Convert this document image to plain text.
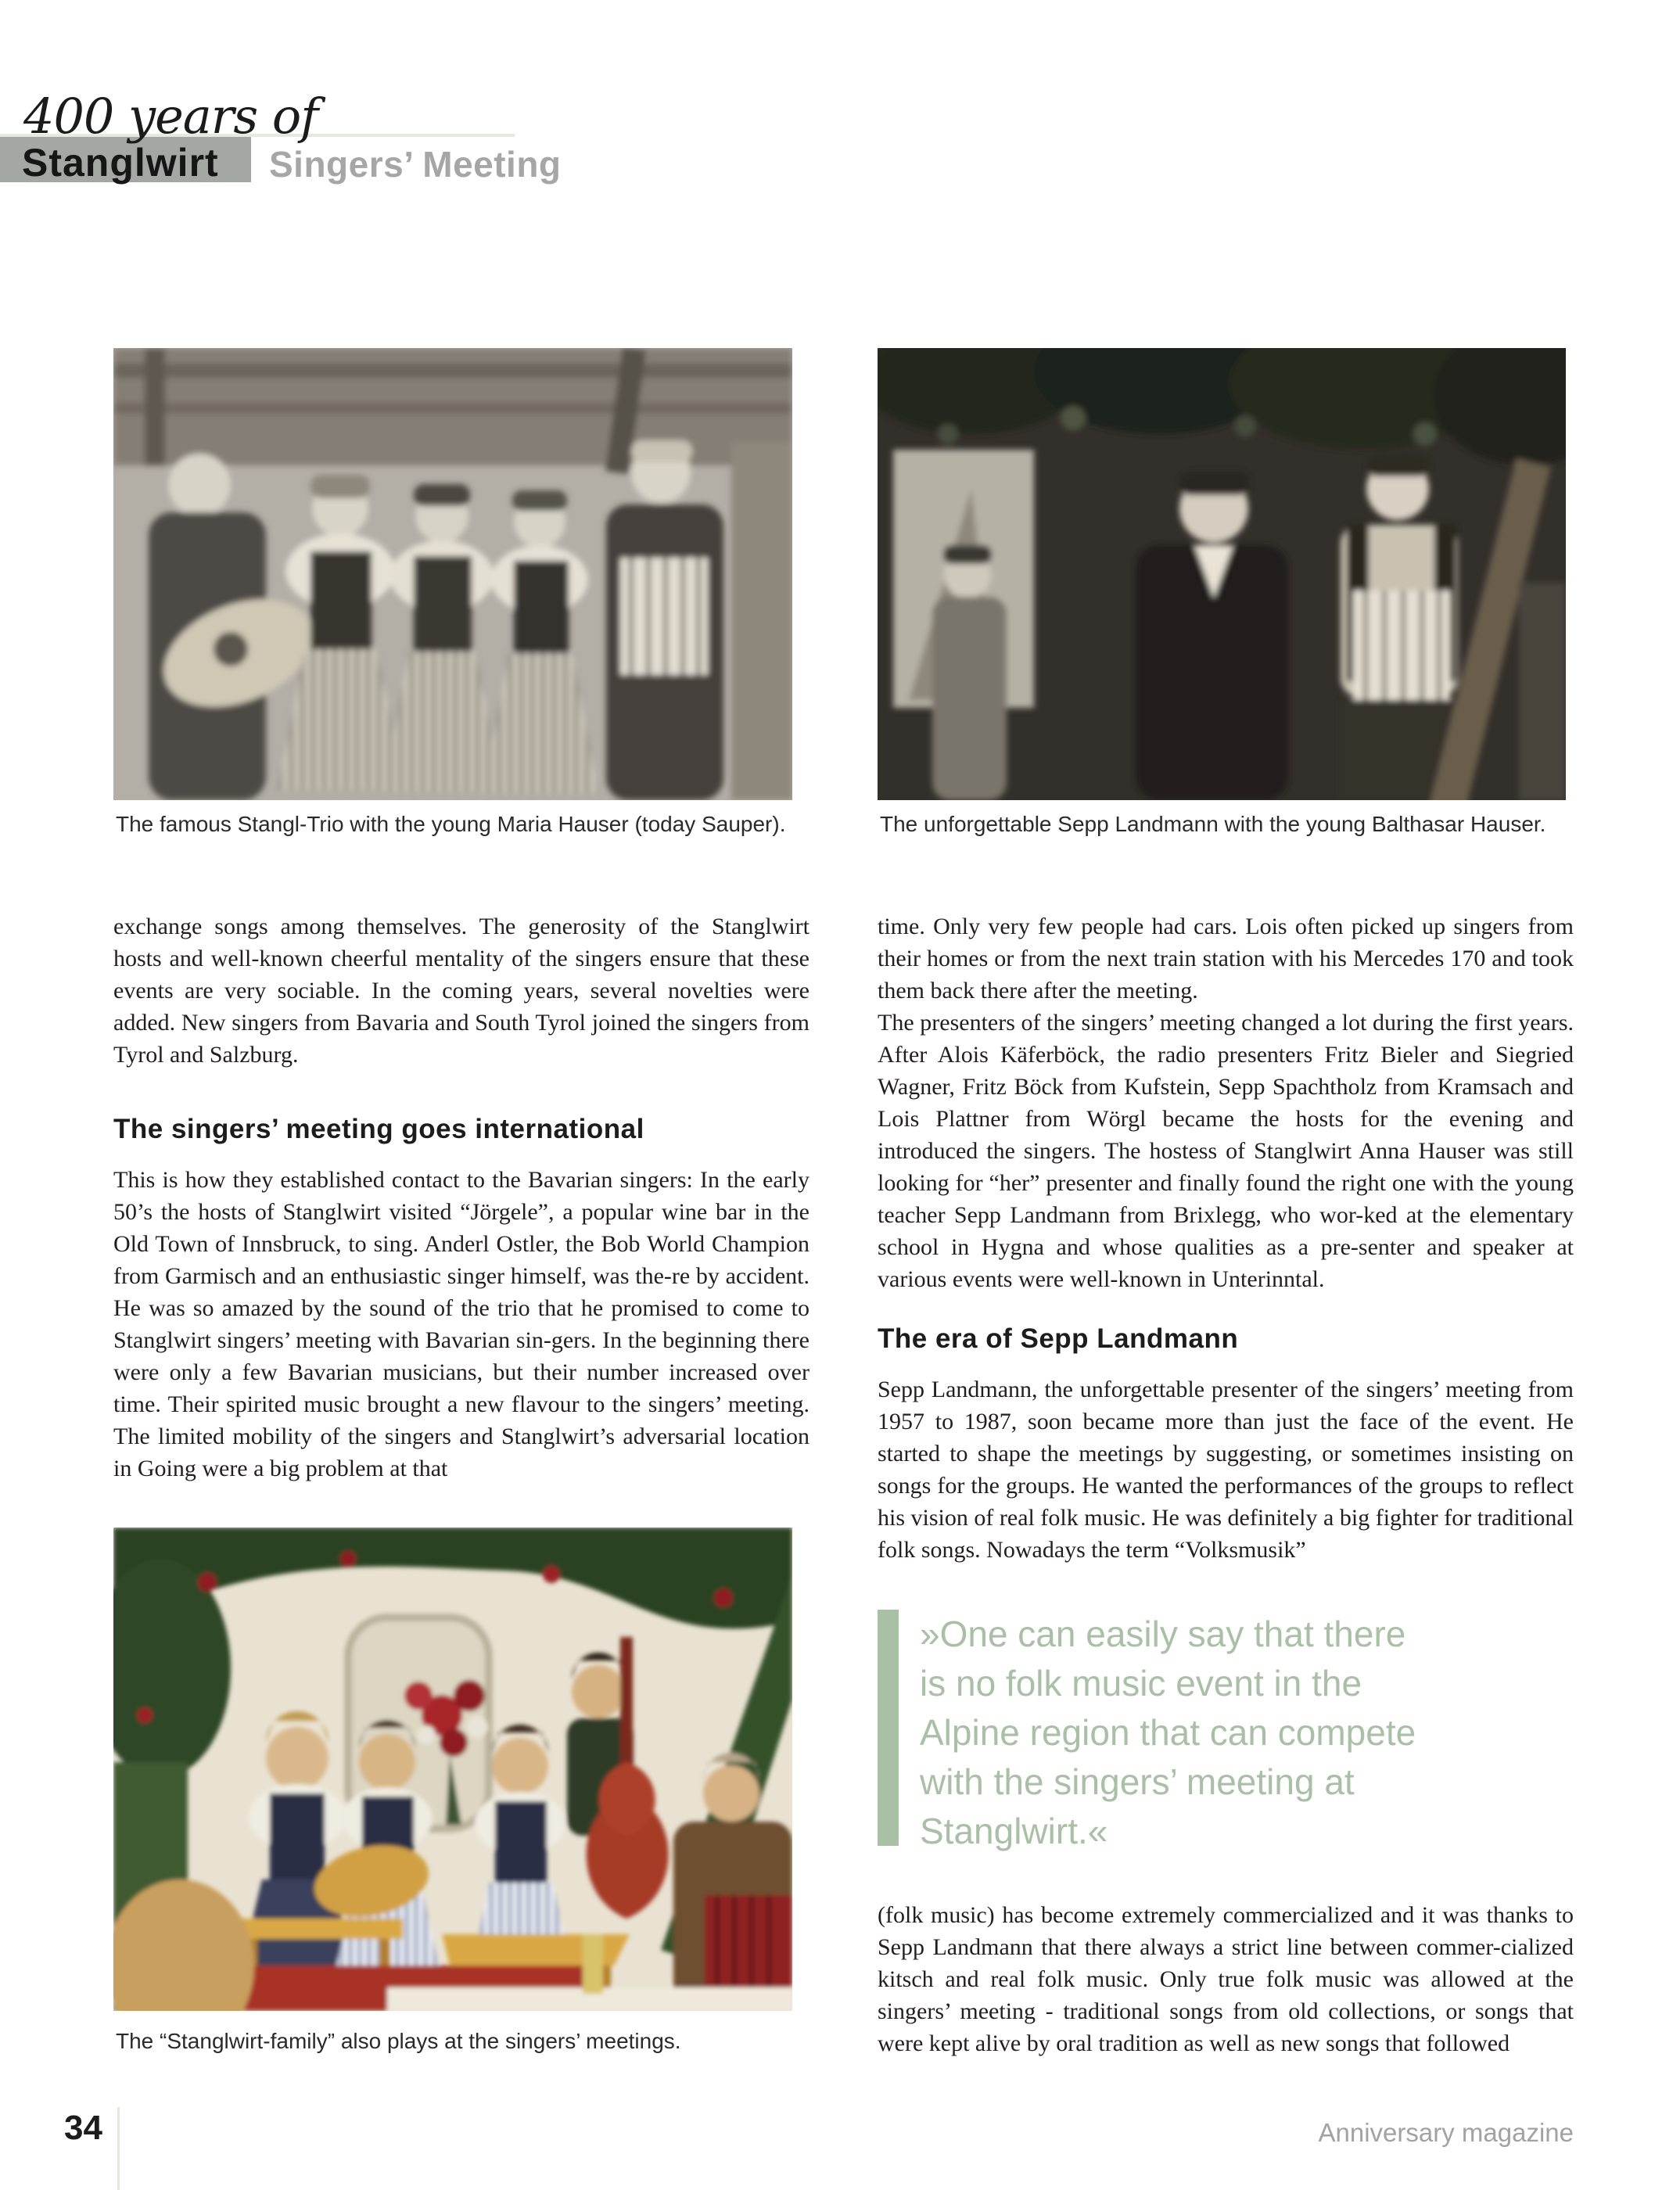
400 years of
Stanglwirt Singers’ Meeting
The famous Stangl-Trio with the young Maria Hauser (today Sauper).	The unforgettable Sepp Landmann with the young Balthasar Hauser.

exchange songs among themselves. The generosity of the Stanglwirt hosts and well-known cheerful mentality of the singers ensure that these events are very sociable. In the coming years, several novelties were added. New singers from Bavaria and South Tyrol joined the singers from Tyrol and Salzburg.

The singers’ meeting goes international

This is how they established contact to the Bavarian singers: In the early 50’s the hosts of Stanglwirt visited “Jörgele”, a popular wine bar in the Old Town of Innsbruck, to sing. Anderl Ostler, the Bob World Champion from Garmisch and an enthusiastic singer himself, was the-re by accident. He was so amazed by the sound of the trio that he promised to come to Stanglwirt singers’ meeting with Bavarian sin-gers. In the beginning there were only a few Bavarian musicians, but their number increased over time. Their spirited music brought a new flavour to the singers’ meeting. The limited mobility of the singers and Stanglwirt’s adversarial location in Going were a big problem at that

time. Only very few people had cars. Lois often picked up singers from their homes or from the next train station with his Mercedes 170 and took them back there after the meeting.

The presenters of the singers’ meeting changed a lot during the first years. After Alois Käferböck, the radio presenters Fritz Bieler and Siegried Wagner, Fritz Böck from Kufstein, Sepp Spachtholz from Kramsach and Lois Plattner from Wörgl became the hosts for the evening and introduced the singers. The hostess of Stanglwirt Anna Hauser was still looking for “her” presenter and finally found the right one with the young teacher Sepp Landmann from Brixlegg, who wor-ked at the elementary school in Hygna and whose qualities as a pre-senter and speaker at various events were well-known in Unterinntal.

The era of Sepp Landmann

Sepp Landmann, the unforgettable presenter of the singers’ meeting from 1957 to 1987, soon became more than just the face of the event. He started to shape the meetings by suggesting, or sometimes insisting on songs for the groups. He wanted the performances of the groups to reflect his vision of real folk music. He was definitely a big fighter for traditional folk songs. Nowadays the term “Volksmusik”

»One can easily say that there is no folk music event in the Alpine region that can compete with the singers’ meeting at Stanglwirt.«

(folk music) has become extremely commercialized and it was thanks to Sepp Landmann that there always a strict line between commer-cialized kitsch and real folk music. Only true folk music was allowed at the singers’ meeting - traditional songs from old collections, or songs that were kept alive by oral tradition as well as new songs that followed

The “Stanglwirt-family” also plays at the singers’ meetings.
34	Anniversary magazine
